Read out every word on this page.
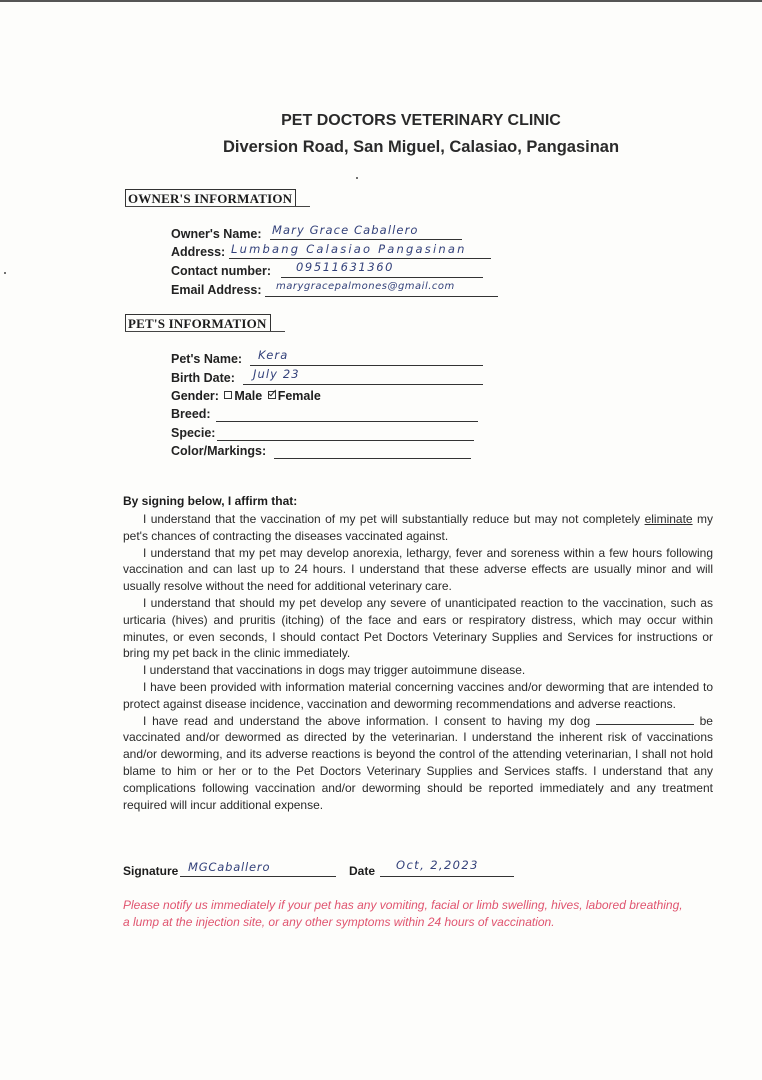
PET DOCTORS VETERINARY CLINIC
Diversion Road, San Miguel, Calasiao, Pangasinan
OWNER'S INFORMATION
Owner's Name: Mary Grace Caballero
Address: Lumbang Calasiao Pangasinan
Contact number: 09511631360
Email Address: marygracepalmones@gmail.com
PET'S INFORMATION
Pet's Name: Kera
Birth Date: July 23
Gender: Male Female
Breed:
Specie:
Color/Markings:
By signing below, I affirm that:

I understand that the vaccination of my pet will substantially reduce but may not completely eliminate my pet's chances of contracting the diseases vaccinated against.

I understand that my pet may develop anorexia, lethargy, fever and soreness within a few hours following vaccination and can last up to 24 hours. I understand that these adverse effects are usually minor and will usually resolve without the need for additional veterinary care.

I understand that should my pet develop any severe of unanticipated reaction to the vaccination, such as urticaria (hives) and pruritis (itching) of the face and ears or respiratory distress, which may occur within minutes, or even seconds, I should contact Pet Doctors Veterinary Supplies and Services for instructions or bring my pet back in the clinic immediately.

I understand that vaccinations in dogs may trigger autoimmune disease.

I have been provided with information material concerning vaccines and/or deworming that are intended to protect against disease incidence, vaccination and deworming recommendations and adverse reactions.

I have read and understand the above information. I consent to having my dog	be vaccinated and/or dewormed as directed by the veterinarian. I understand the inherent risk of vaccinations and/or deworming, and its adverse reactions is beyond the control of the attending veterinarian, I shall not hold blame to him or her or to the Pet Doctors Veterinary Supplies and Services staffs. I understand that any complications following vaccination and/or deworming should be reported immediately and any treatment required will incur additional expense.

Signature MGCaballero	Date Oct, 2,2023
Please notify us immediately if your pet has any vomiting, facial or limb swelling, hives, labored breathing, a lump at the injection site, or any other symptoms within 24 hours of vaccination.
